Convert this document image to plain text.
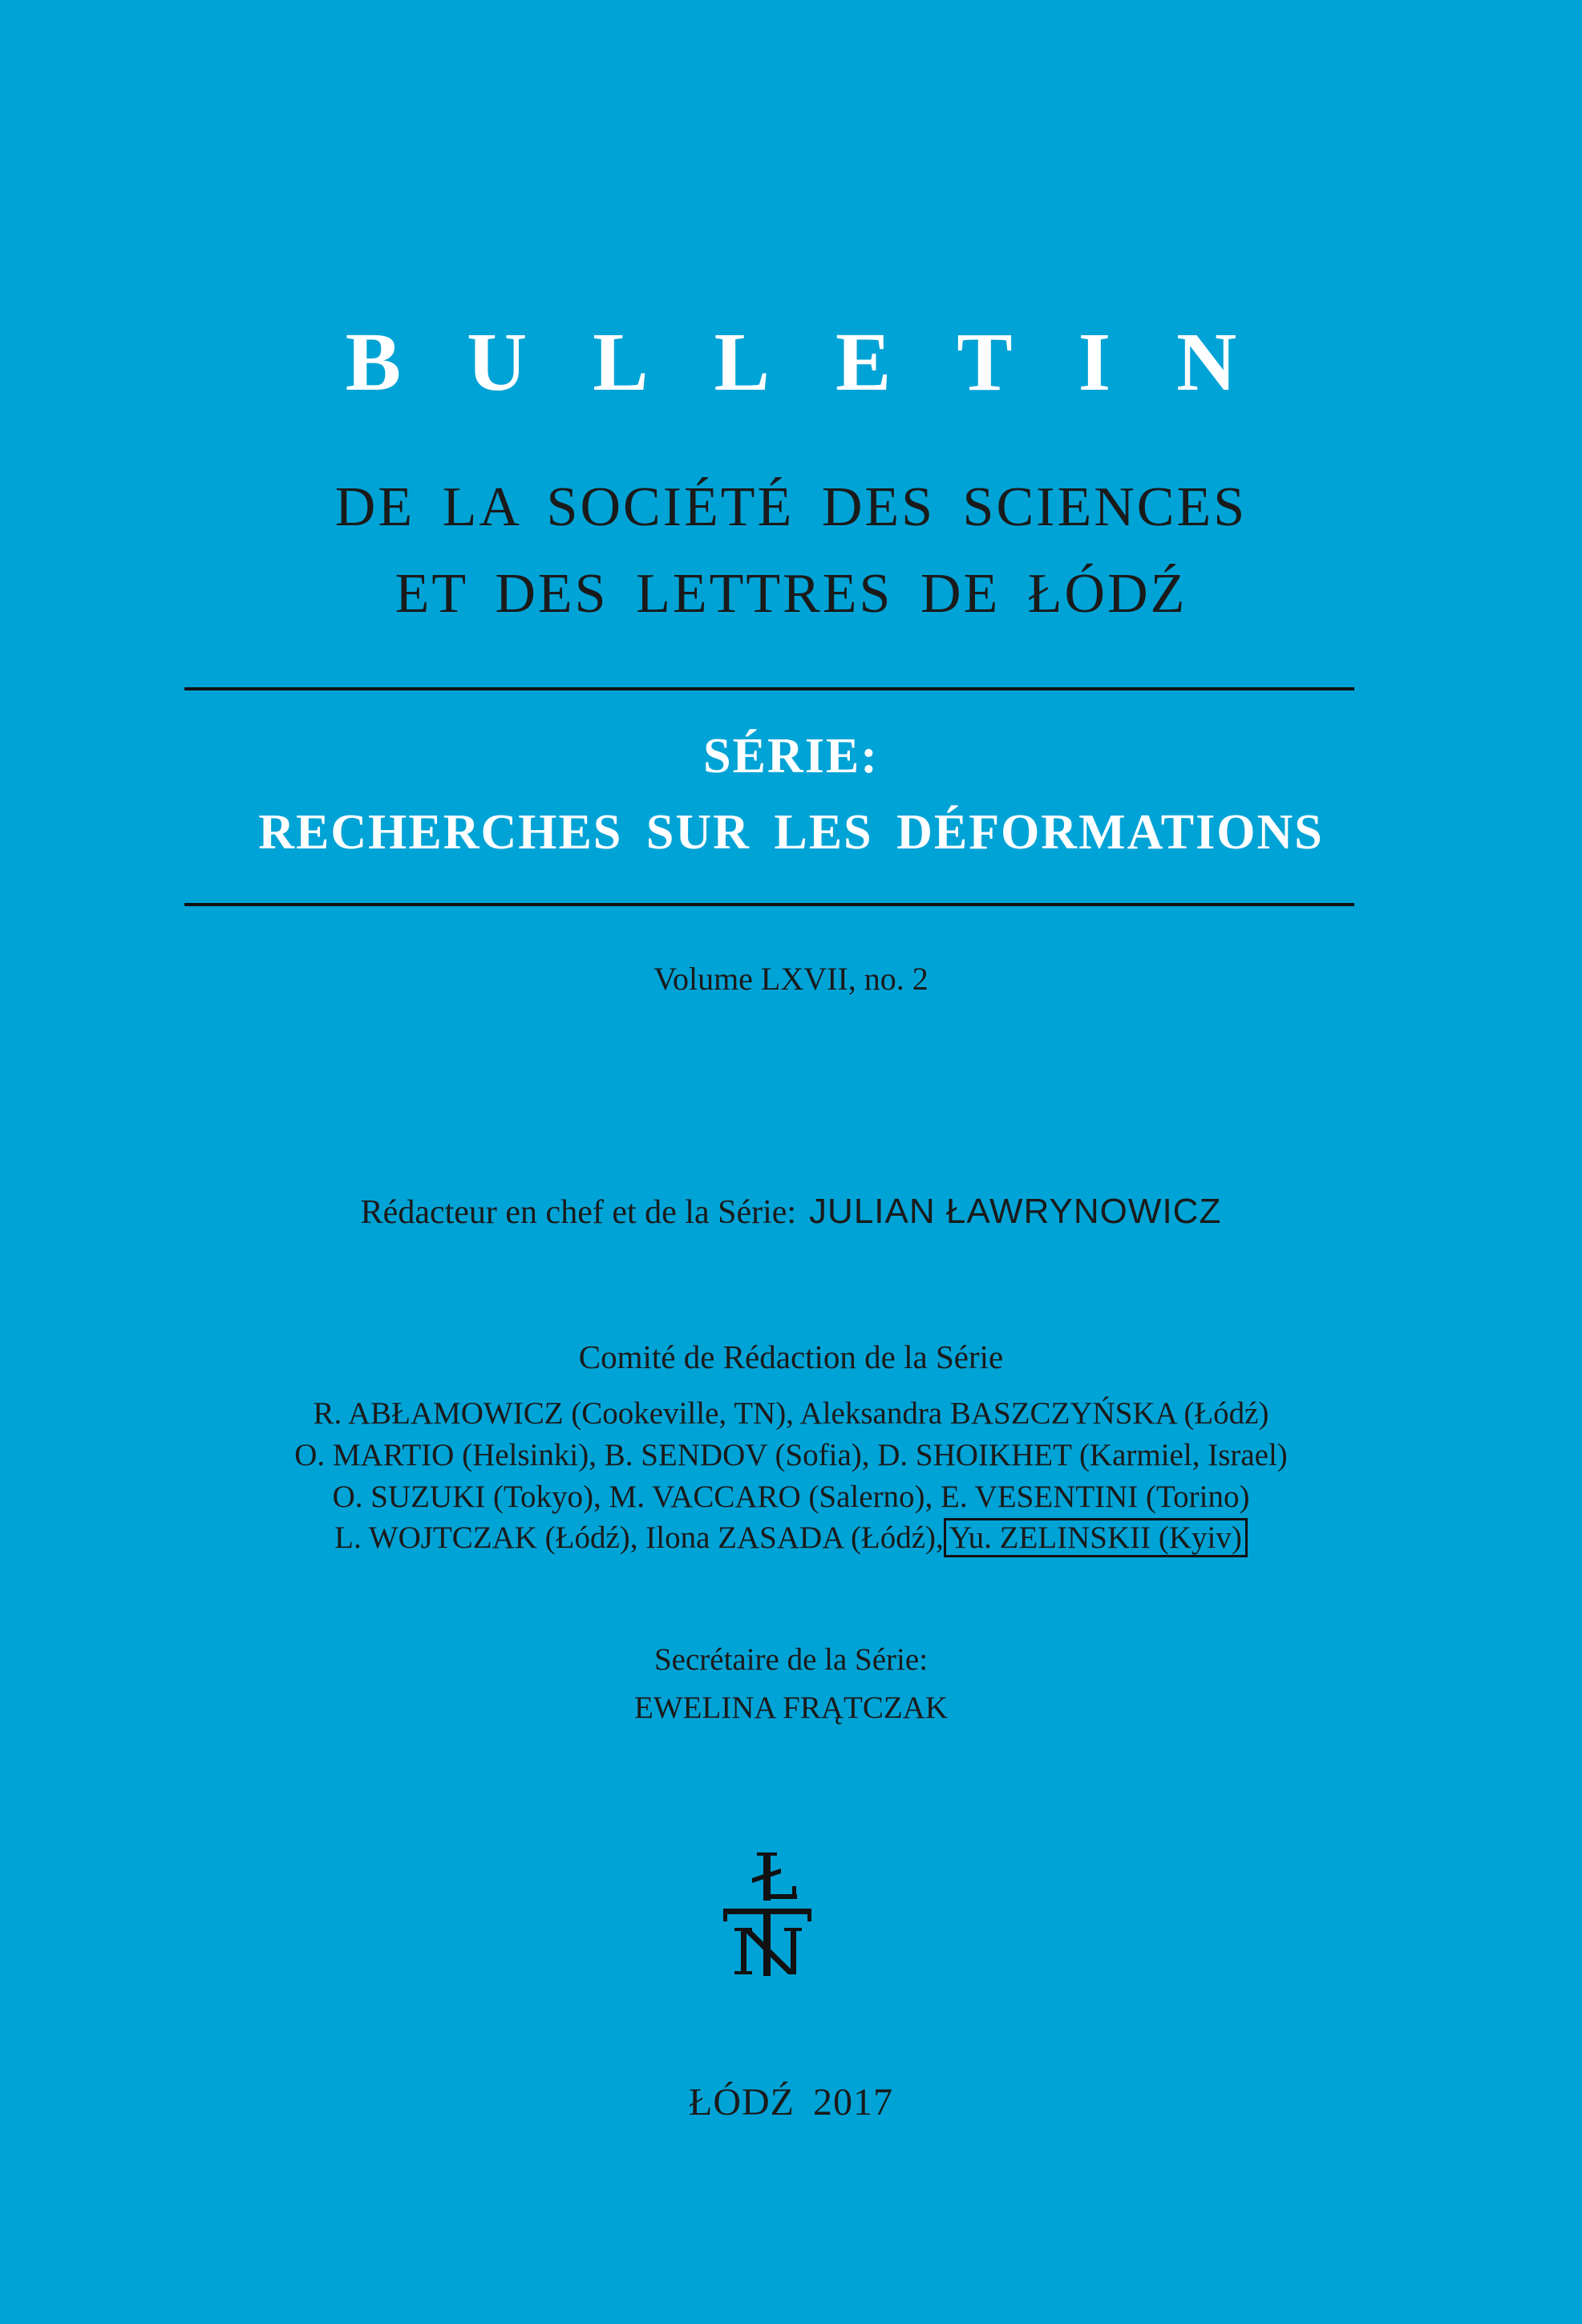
BULLETIN
DE LA SOCIÉTÉ DES SCIENCES
ET DES LETTRES DE ŁÓDŹ
SÉRIE:
RECHERCHES SUR LES DÉFORMATIONS
Volume LXVII, no. 2
Rédacteur en chef et de la Série: JULIAN ŁAWRYNOWICZ
Comité de Rédaction de la Série
R. ABŁAMOWICZ (Cookeville, TN), Aleksandra BASZCZYŃSKA (Łódź)
O. MARTIO (Helsinki), B. SENDOV (Sofia), D. SHOIKHET (Karmiel, Israel)
O. SUZUKI (Tokyo), M. VACCARO (Salerno), E. VESENTINI (Torino)
L. WOJTCZAK (Łódź), Ilona ZASADA (Łódź), Yu. ZELINSKII (Kyiv)
Secrétaire de la Série:
EWELINA FRĄTCZAK
ŁÓDŹ 2017
